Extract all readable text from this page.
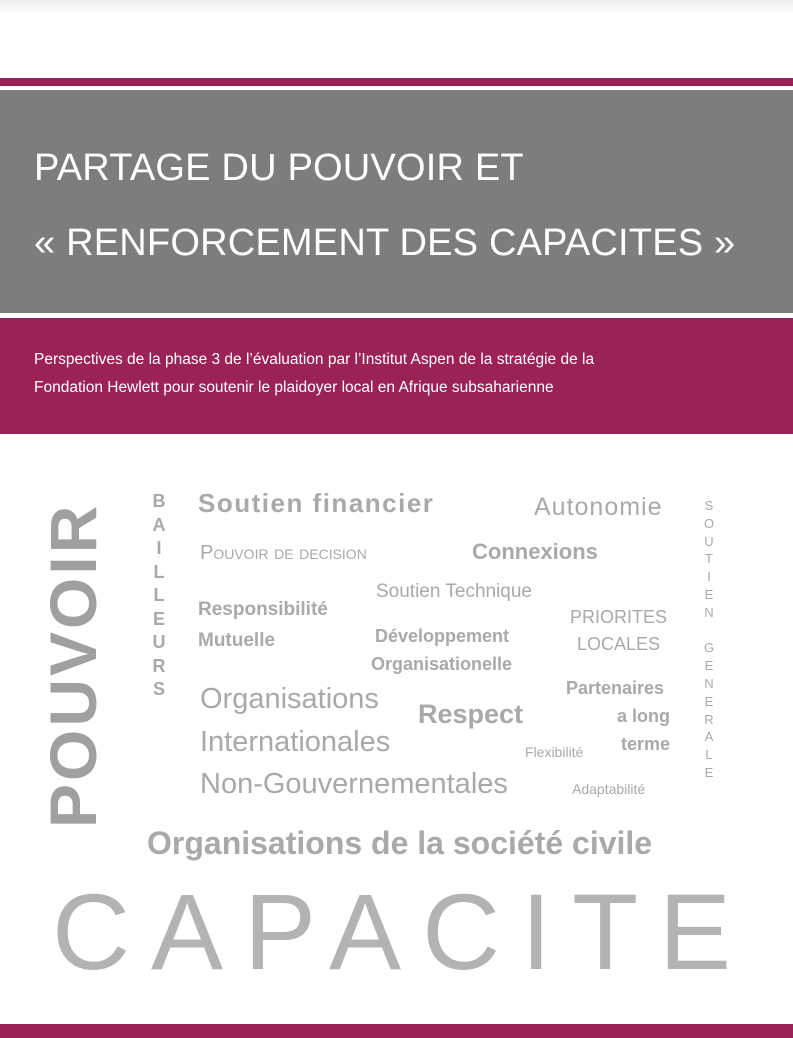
PARTAGE DU POUVOIR ET
« RENFORCEMENT DES CAPACITES »
Perspectives de la phase 3 de l’évaluation par l’Institut Aspen de la stratégie de la
Fondation Hewlett pour soutenir le plaidoyer local en Afrique subsaharienne
POUVOIR
B
A
I
L
L
E
U
R
S
Soutien financier	Autonomie
Pouvoir de decision	Connexions
Soutien Technique
Responsibilité
Mutuelle	Développement
Organisationelle
PRIORITES
LOCALES
Organisations
Internationales
Non-Gouvernementales
Respect
Partenaires
a long
terme
Flexibilité
Adaptabilité
Organisations de la société civile
S
O
U
T
I
E
N

G
E
N
E
R
A
L
E
CAPACITE
